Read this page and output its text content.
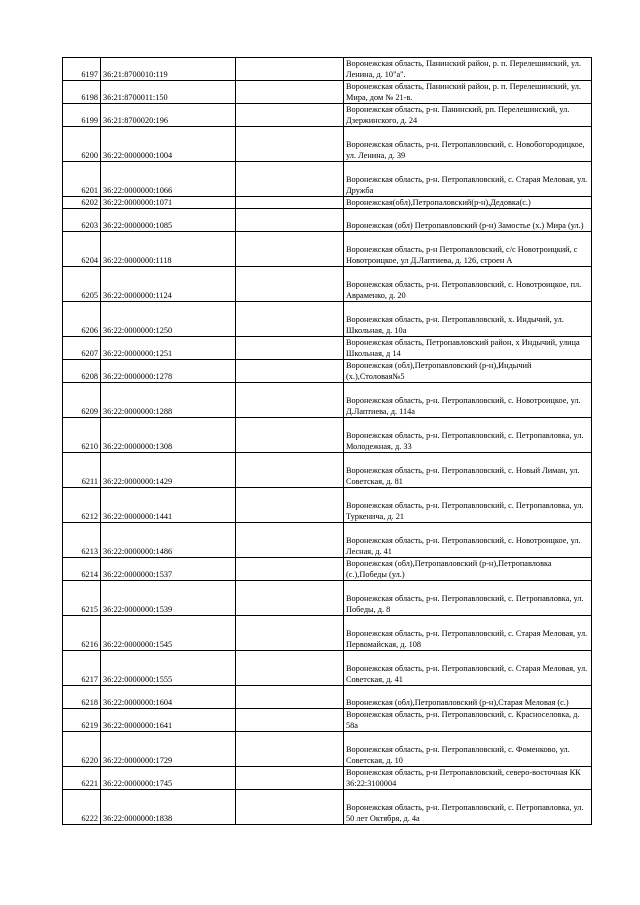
6197	36:21:8700010:119		Воронежская область, Панинский район, р. п. Перелешинский, ул. Ленина, д. 10"а".
6198	36:21:8700011:150		Воронежская область, Панинский район, р. п. Перелешинский, ул. Мира, дом № 21-в.
6199	36:21:8700020:196		Воронежская область, р-н. Панинский, рп. Перелешинский, ул. Дзержинского, д. 24
6200	36:22:0000000:1004		Воронежская область, р-н. Петропавловский, с. Новобогородицкое, ул. Ленина, д. 39
6201	36:22:0000000:1066		Воронежская область, р-н. Петропавловский, с. Старая Меловая, ул. Дружба
6202	36:22:0000000:1071		Воронежская(обл),Петропаловский(р-н),Дедовка(с.)
6203	36:22:0000000:1085		Воронежская (обл) Петропавловский (р-н) Замостье (х.) Мира (ул.)
6204	36:22:0000000:1118		Воронежская область, р-н Петропавловский, с/с Новотроицкий, с Новотроицкое, ул Д.Лаптиева, д. 126, строен А
6205	36:22:0000000:1124		Воронежская область, р-н. Петропавловский, с. Новотроицкое, пл. Авраменко, д. 20
6206	36:22:0000000:1250		Воронежская область, р-н. Петропавловский, х. Индычий, ул. Школьная, д. 10а
6207	36:22:0000000:1251		Воронежская область, Петропавловский район, х Индычий, улица Школьная, д 14
6208	36:22:0000000:1278		Воронежская (обл),Петропавловский (р-н),Индычий (х.),Столовая№5
6209	36:22:0000000:1288		Воронежская область, р-н. Петропавловский, с. Новотроицкое, ул. Д.Лаптиева, д. 114а
6210	36:22:0000000:1308		Воронежская область, р-н. Петропавловский, с. Петропавловка, ул. Молодежная, д. 33
6211	36:22:0000000:1429		Воронежская область, р-н. Петропавловский, с. Новый Лиман, ул. Советская, д. 81
6212	36:22:0000000:1441		Воронежская область, р-н. Петропавловский, с. Петропавловка, ул. Туркенича, д. 21
6213	36:22:0000000:1486		Воронежская область, р-н. Петропавловский, с. Новотроицкое, ул. Лесная, д. 41
6214	36:22:0000000:1537		Воронежская (обл),Петропавловский (р-н),Петропавловка (с.),Победы (ул.)
6215	36:22:0000000:1539		Воронежская область, р-н. Петропавловский, с. Петропавловка, ул. Победы, д. 8
6216	36:22:0000000:1545		Воронежская область, р-н. Петропавловский, с. Старая Меловая, ул. Первомайская, д. 108
6217	36:22:0000000:1555		Воронежская область, р-н. Петропавловский, с. Старая Меловая, ул. Советская, д. 41
6218	36:22:0000000:1604		Воронежская (обл),Петропавловский (р-н),Старая Меловая (с.)
6219	36:22:0000000:1641		Воронежская область, р-н. Петропавловский, с. Красноселовка, д. 58а
6220	36:22:0000000:1729		Воронежская область, р-н. Петропавловский, с. Фоменково, ул. Советская, д. 10
6221	36:22:0000000:1745		Воронежская область, р-н Петропавловский, северо-восточная КК 36:22:3100004
6222	36:22:0000000:1838		Воронежская область, р-н. Петропавловский, с. Петропавловка, ул. 50 лет Октября, д. 4а
